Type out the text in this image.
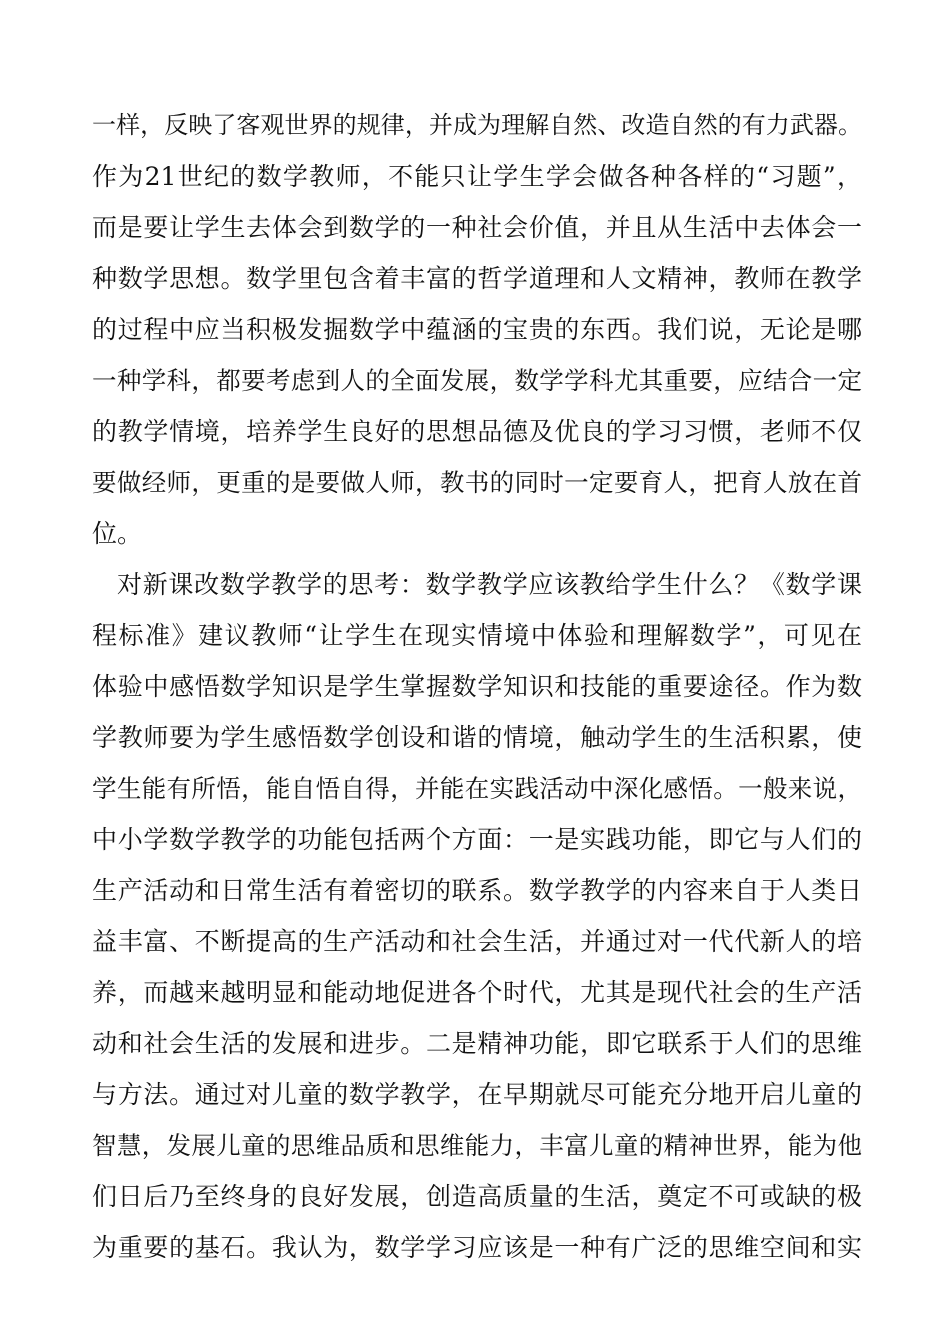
一样，反映了客观世界的规律，并成为理解自然、改造自然的有力武器。
作为21世纪的数学教师，不能只让学生学会做各种各样的“习题”，
而是要让学生去体会到数学的一种社会价值，并且从生活中去体会一
种数学思想。数学里包含着丰富的哲学道理和人文精神，教师在教学
的过程中应当积极发掘数学中蕴涵的宝贵的东西。我们说，无论是哪
一种学科，都要考虑到人的全面发展，数学学科尤其重要，应结合一定
的教学情境，培养学生良好的思想品德及优良的学习习惯，老师不仅
要做经师，更重的是要做人师，教书的同时一定要育人，把育人放在首
位。
对新课改数学教学的思考：数学教学应该教给学生什么？《数学课
程标准》建议教师“让学生在现实情境中体验和理解数学”，可见在
体验中感悟数学知识是学生掌握数学知识和技能的重要途径。作为数
学教师要为学生感悟数学创设和谐的情境，触动学生的生活积累，使
学生能有所悟，能自悟自得，并能在实践活动中深化感悟。一般来说，
中小学数学教学的功能包括两个方面：一是实践功能，即它与人们的
生产活动和日常生活有着密切的联系。数学教学的内容来自于人类日
益丰富、不断提高的生产活动和社会生活，并通过对一代代新人的培
养，而越来越明显和能动地促进各个时代，尤其是现代社会的生产活
动和社会生活的发展和进步。二是精神功能，即它联系于人们的思维
与方法。通过对儿童的数学教学，在早期就尽可能充分地开启儿童的
智慧，发展儿童的思维品质和思维能力，丰富儿童的精神世界，能为他
们日后乃至终身的良好发展，创造高质量的生活，奠定不可或缺的极
为重要的基石。我认为，数学学习应该是一种有广泛的思维空间和实
